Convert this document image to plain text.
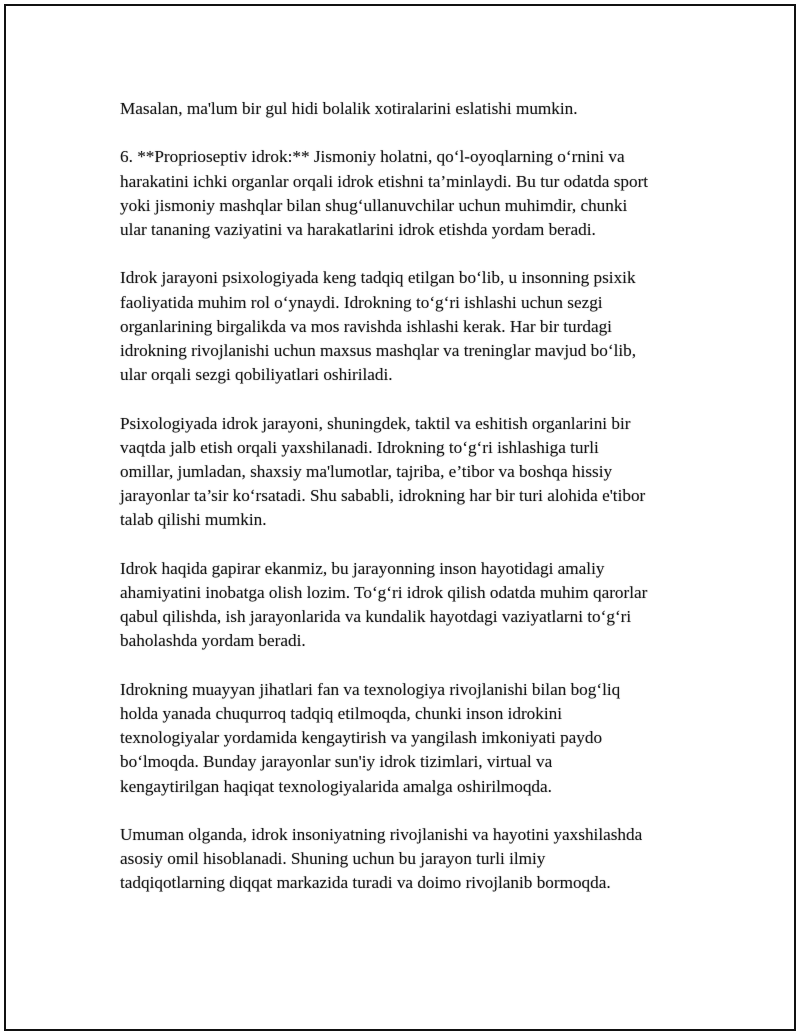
Masalan, ma'lum bir gul hidi bolalik xotiralarini eslatishi mumkin.

6. **Proprioseptiv idrok:** Jismoniy holatni, qo‘l-oyoqlarning o‘rnini va
harakatini ichki organlar orqali idrok etishni ta’minlaydi. Bu tur odatda sport
yoki jismoniy mashqlar bilan shug‘ullanuvchilar uchun muhimdir, chunki
ular tananing vaziyatini va harakatlarini idrok etishda yordam beradi.

Idrok jarayoni psixologiyada keng tadqiq etilgan bo‘lib, u insonning psixik
faoliyatida muhim rol o‘ynaydi. Idrokning to‘g‘ri ishlashi uchun sezgi
organlarining birgalikda va mos ravishda ishlashi kerak. Har bir turdagi
idrokning rivojlanishi uchun maxsus mashqlar va treninglar mavjud bo‘lib,
ular orqali sezgi qobiliyatlari oshiriladi.

Psixologiyada idrok jarayoni, shuningdek, taktil va eshitish organlarini bir
vaqtda jalb etish orqali yaxshilanadi. Idrokning to‘g‘ri ishlashiga turli
omillar, jumladan, shaxsiy ma'lumotlar, tajriba, e’tibor va boshqa hissiy
jarayonlar ta’sir ko‘rsatadi. Shu sababli, idrokning har bir turi alohida e'tibor
talab qilishi mumkin.

Idrok haqida gapirar ekanmiz, bu jarayonning inson hayotidagi amaliy
ahamiyatini inobatga olish lozim. To‘g‘ri idrok qilish odatda muhim qarorlar
qabul qilishda, ish jarayonlarida va kundalik hayotdagi vaziyatlarni to‘g‘ri
baholashda yordam beradi.

Idrokning muayyan jihatlari fan va texnologiya rivojlanishi bilan bog‘liq
holda yanada chuqurroq tadqiq etilmoqda, chunki inson idrokini
texnologiyalar yordamida kengaytirish va yangilash imkoniyati paydo
bo‘lmoqda. Bunday jarayonlar sun'iy idrok tizimlari, virtual va
kengaytirilgan haqiqat texnologiyalarida amalga oshirilmoqda.

Umuman olganda, idrok insoniyatning rivojlanishi va hayotini yaxshilashda
asosiy omil hisoblanadi. Shuning uchun bu jarayon turli ilmiy
tadqiqotlarning diqqat markazida turadi va doimo rivojlanib bormoqda.
